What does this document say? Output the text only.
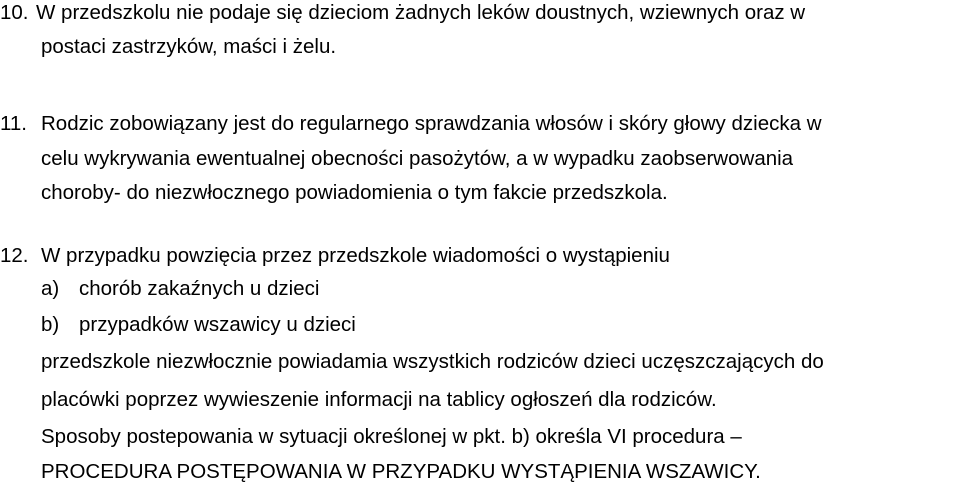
10. W przedszkolu nie podaje się dzieciom żadnych leków doustnych, wziewnych oraz w
postaci zastrzyków, maści i żelu.
11. Rodzic zobowiązany jest do regularnego sprawdzania włosów i skóry głowy dziecka w
celu wykrywania ewentualnej obecności pasożytów, a w wypadku zaobserwowania
choroby- do niezwłocznego powiadomienia o tym fakcie przedszkola.
12. W przypadku powzięcia przez przedszkole wiadomości o wystąpieniu
a) chorób zakaźnych u dzieci
b) przypadków wszawicy u dzieci
przedszkole niezwłocznie powiadamia wszystkich rodziców dzieci uczęszczających do
placówki poprzez wywieszenie informacji na tablicy ogłoszeń dla rodziców.
Sposoby postepowania w sytuacji określonej w pkt. b) określa VI procedura –
PROCEDURA POSTĘPOWANIA W PRZYPADKU WYSTĄPIENIA WSZAWICY.
